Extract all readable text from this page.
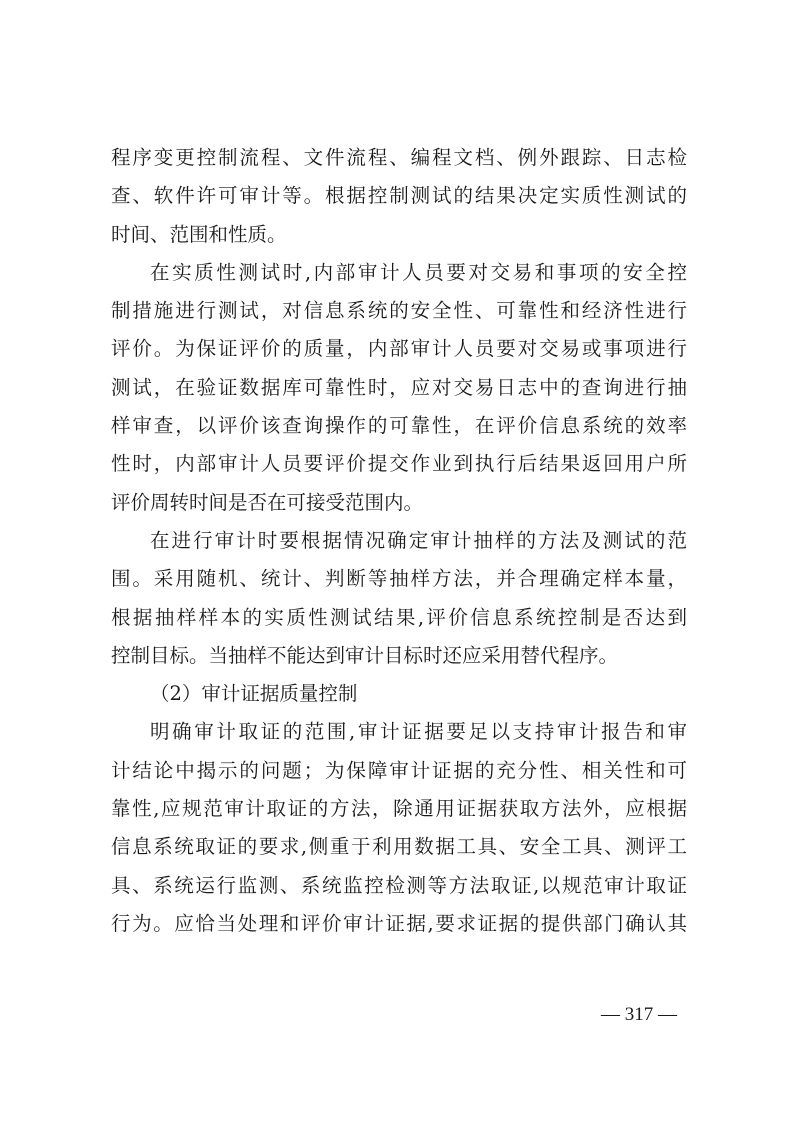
程序变更控制流程、文件流程、编程文档、例外跟踪、日志检
查、软件许可审计等。根据控制测试的结果决定实质性测试的
时间、范围和性质。
在实质性测试时,内部审计人员要对交易和事项的安全控
制措施进行测试，对信息系统的安全性、可靠性和经济性进行
评价。为保证评价的质量，内部审计人员要对交易或事项进行
测试，在验证数据库可靠性时，应对交易日志中的查询进行抽
样审查，以评价该查询操作的可靠性，在评价信息系统的效率
性时，内部审计人员要评价提交作业到执行后结果返回用户所
评价周转时间是否在可接受范围内。
在进行审计时要根据情况确定审计抽样的方法及测试的范
围。采用随机、统计、判断等抽样方法，并合理确定样本量，
根据抽样样本的实质性测试结果,评价信息系统控制是否达到
控制目标。当抽样不能达到审计目标时还应采用替代程序。
（2）审计证据质量控制
明确审计取证的范围,审计证据要足以支持审计报告和审
计结论中揭示的问题；为保障审计证据的充分性、相关性和可
靠性,应规范审计取证的方法，除通用证据获取方法外，应根据
信息系统取证的要求,侧重于利用数据工具、安全工具、测评工
具、系统运行监测、系统监控检测等方法取证,以规范审计取证
行为。应恰当处理和评价审计证据,要求证据的提供部门确认其
— 317 —
